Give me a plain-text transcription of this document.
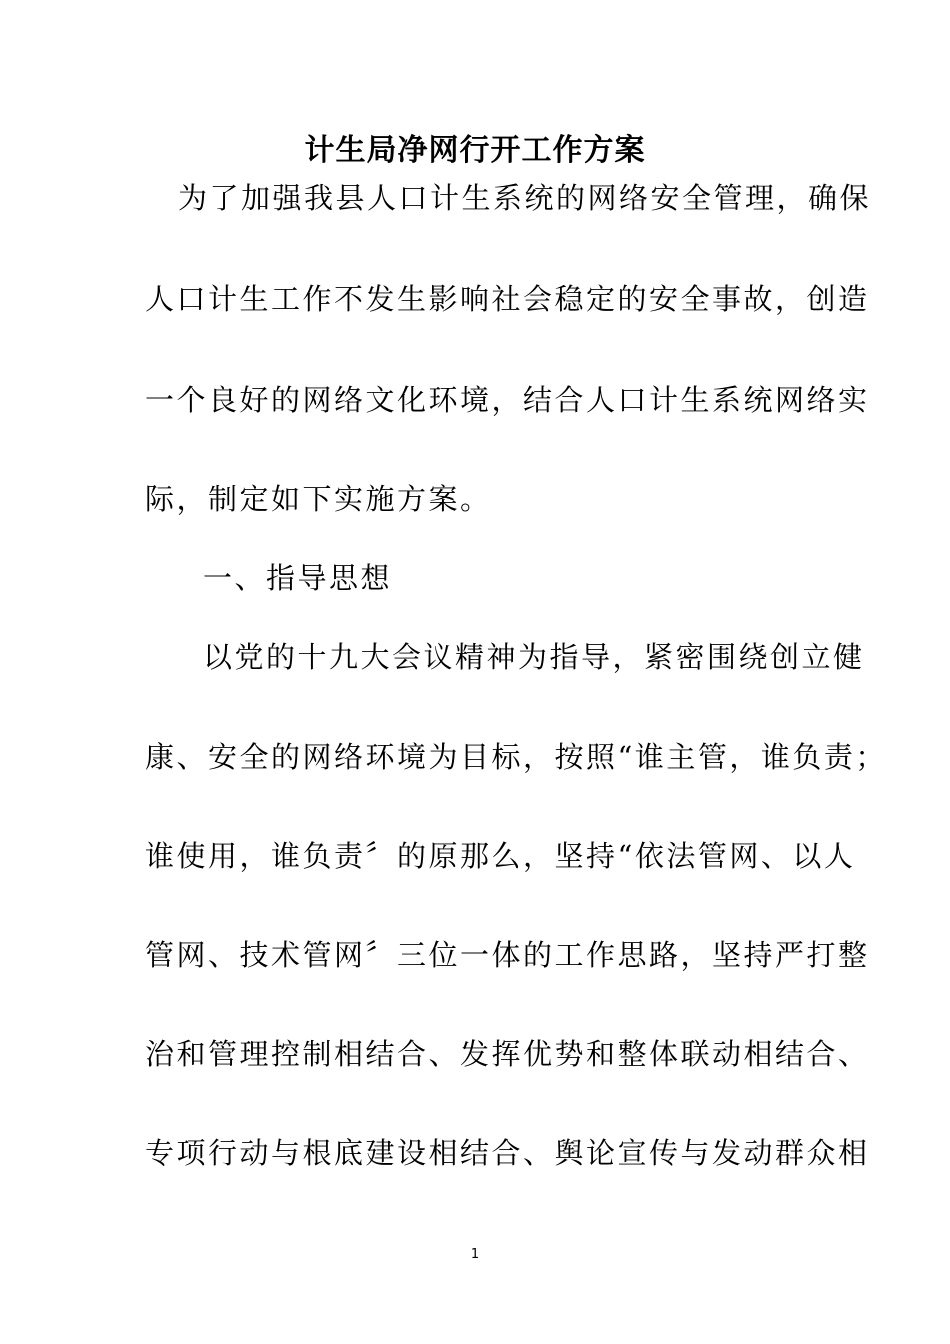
计生局净网行开工作方案

为了加强我县人口计生系统的网络安全管理，确保

人口计生工作不发生影响社会稳定的安全事故，创造

一个良好的网络文化环境，结合人口计生系统网络实

际，制定如下实施方案。

一、指导思想

以党的十九大会议精神为指导，紧密围绕创立健

康、安全的网络环境为目标，按照“谁主管，谁负责；

谁使用，谁负责〞的原那么，坚持“依法管网、以人

管网、技术管网〞三位一体的工作思路，坚持严打整

治和管理控制相结合、发挥优势和整体联动相结合、

专项行动与根底建设相结合、舆论宣传与发动群众相

1
